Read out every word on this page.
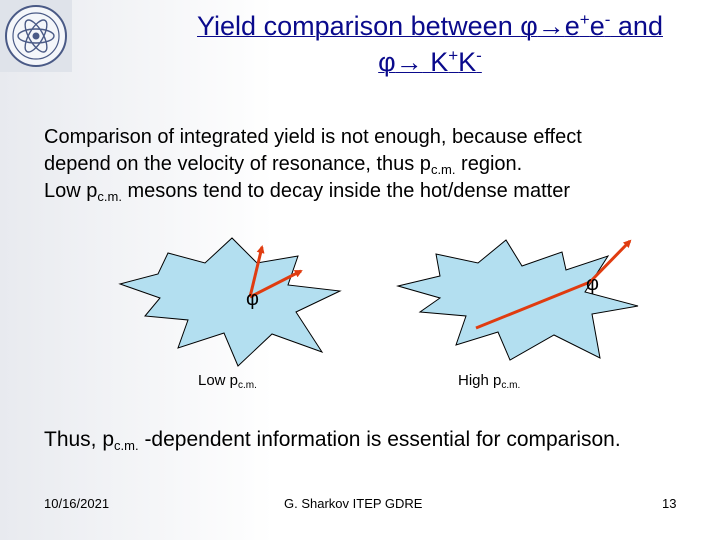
Yield comparison between φ→e+e- and
φ→ K+K-
Comparison of integrated yield is not enough, because effect
depend on the velocity of resonance, thus $p_{c.m.}$ region.
Low $p_{c.m.}$ mesons tend to decay inside the hot/dense matter
φ
φ
Low $p_{c.m.}$	High $p_{c.m.}$
Thus, $p_{c.m.}$ -dependent information is essential for comparison.
10/16/2021	G. Sharkov ITEP GDRE	13
